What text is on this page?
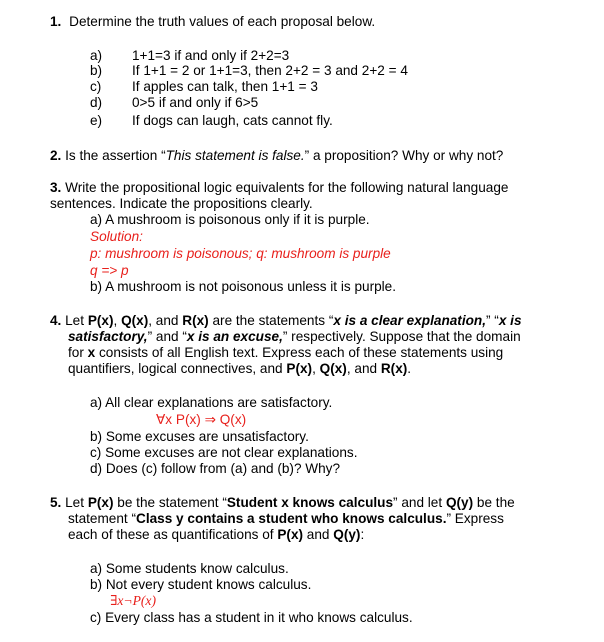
1. Determine the truth values of each proposal below.
a) 1+1=3 if and only if 2+2=3
b) If 1+1 = 2 or 1+1=3, then 2+2 = 3 and 2+2 = 4
c) If apples can talk, then 1+1 = 3
d) 0>5 if and only if 6>5
e) If dogs can laugh, cats cannot fly.
2. Is the assertion “This statement is false.” a proposition? Why or why not?
3. Write the propositional logic equivalents for the following natural language
sentences. Indicate the propositions clearly.
a) A mushroom is poisonous only if it is purple.
Solution:
p: mushroom is poisonous; q: mushroom is purple
q => p
b) A mushroom is not poisonous unless it is purple.
4. Let P(x), Q(x), and R(x) are the statements “x is a clear explanation,” “x is
satisfactory,” and “x is an excuse,” respectively. Suppose that the domain
for x consists of all English text. Express each of these statements using
quantifiers, logical connectives, and P(x), Q(x), and R(x).
a) All clear explanations are satisfactory.
∀x P(x) ⇒ Q(x)
b) Some excuses are unsatisfactory.
c) Some excuses are not clear explanations.
d) Does (c) follow from (a) and (b)? Why?
5. Let P(x) be the statement “Student x knows calculus” and let Q(y) be the
statement “Class y contains a student who knows calculus.” Express
each of these as quantifications of P(x) and Q(y):
a) Some students know calculus.
b) Not every student knows calculus.
∃x¬P(x)
c) Every class has a student in it who knows calculus.
